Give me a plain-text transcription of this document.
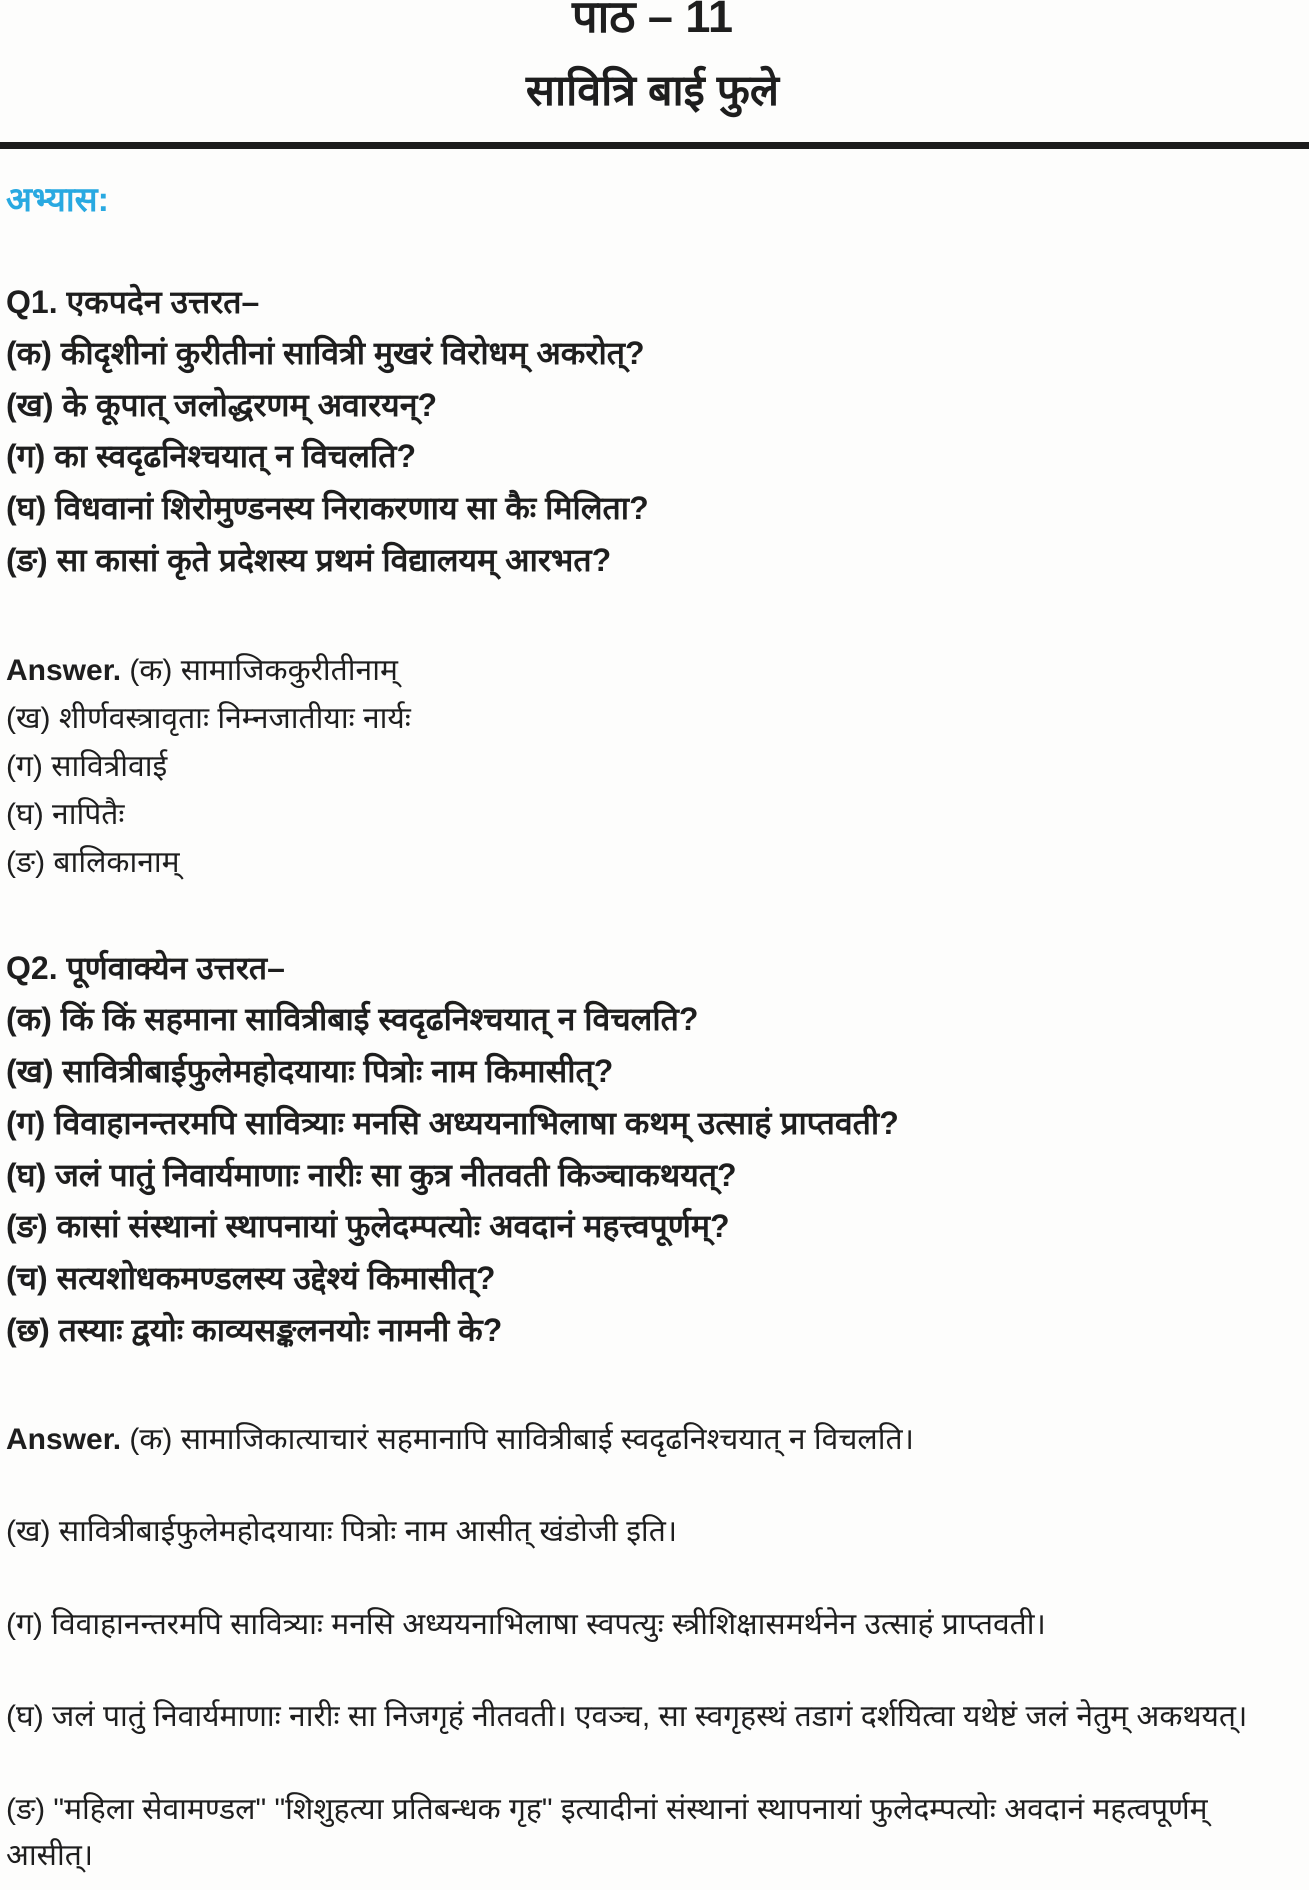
पाठ – 11
सावित्रि बाई फुले
अभ्यास:

Q1. एकपदेन उत्तरत–

(क) कीदृशीनां कुरीतीनां सावित्री मुखरं विरोधम् अकरोत्?

(ख) के कूपात् जलोद्धरणम् अवारयन्?

(ग) का स्वदृढनिश्चयात् न विचलति?

(घ) विधवानां शिरोमुण्डनस्य निराकरणाय सा कैः मिलिता?

(ङ) सा कासां कृते प्रदेशस्य प्रथमं विद्यालयम् आरभत?

Answer. (क) सामाजिककुरीतीनाम्

(ख) शीर्णवस्त्रावृताः निम्नजातीयाः नार्यः

(ग) सावित्रीवाई

(घ) नापितैः

(ङ) बालिकानाम्

Q2. पूर्णवाक्येन उत्तरत–

(क) किं किं सहमाना सावित्रीबाई स्वदृढनिश्चयात् न विचलति?

(ख) सावित्रीबाईफुलेमहोदयायाः पित्रोः नाम किमासीत्?

(ग) विवाहानन्तरमपि सावित्र्याः मनसि अध्ययनाभिलाषा कथम् उत्साहं प्राप्तवती?

(घ) जलं पातुं निवार्यमाणाः नारीः सा कुत्र नीतवती किञ्चाकथयत्?

(ङ) कासां संस्थानां स्थापनायां फुलेदम्पत्योः अवदानं महत्त्वपूर्णम्?

(च) सत्यशोधकमण्डलस्य उद्देश्यं किमासीत्?

(छ) तस्याः द्वयोः काव्यसङ्कलनयोः नामनी के?

Answer. (क) सामाजिकात्याचारं सहमानापि सावित्रीबाई स्वदृढनिश्चयात् न विचलति।

(ख) सावित्रीबाईफुलेमहोदयायाः पित्रोः नाम आसीत् खंडोजी इति।

(ग) विवाहानन्तरमपि सावित्र्याः मनसि अध्ययनाभिलाषा स्वपत्युः स्त्रीशिक्षासमर्थनेन उत्साहं प्राप्तवती।

(घ) जलं पातुं निवार्यमाणाः नारीः सा निजगृहं नीतवती। एवञ्च, सा स्वगृहस्थं तडागं दर्शयित्वा यथेष्टं जलं नेतुम् अकथयत्।

(ङ) "महिला सेवामण्डल" "शिशुहत्या प्रतिबन्धक गृह" इत्यादीनां संस्थानां स्थापनायां फुलेदम्पत्योः अवदानं महत्वपूर्णम् आसीत्।
